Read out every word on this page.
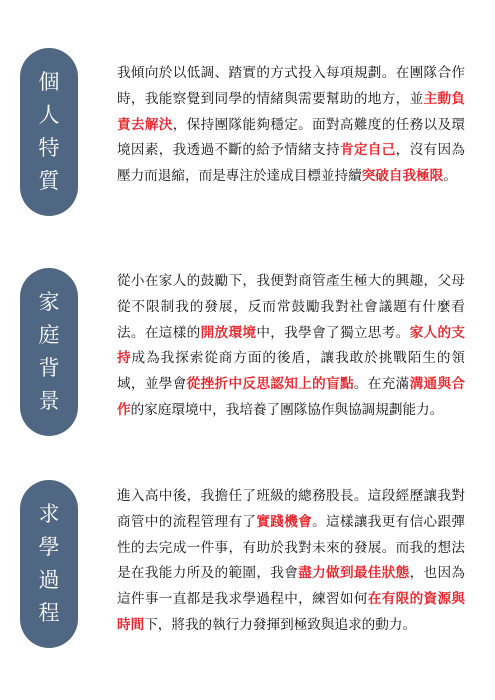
個
人
特
質

我傾向於以低調、踏實的方式投入每項規劃。在團隊合作時，我能察覺到同學的情緒與需要幫助的地方，並主動負責去解決，保持團隊能夠穩定。面對高難度的任務以及環境因素，我透過不斷的給予情緒支持肯定自己，沒有因為壓力而退縮，而是專注於達成目標並持續突破自我極限。

家
庭
背
景

從小在家人的鼓勵下，我便對商管產生極大的興趣，父母從不限制我的發展，反而常鼓勵我對社會議題有什麼看法。在這樣的開放環境中，我學會了獨立思考。家人的支持成為我探索從商方面的後盾，讓我敢於挑戰陌生的領域，並學會從挫折中反思認知上的盲點。在充滿溝通與合作的家庭環境中，我培養了團隊協作與協調規劃能力。

求
學
過
程

進入高中後，我擔任了班級的總務股長。這段經歷讓我對商管中的流程管理有了實踐機會。這樣讓我更有信心跟彈性的去完成一件事，有助於我對未來的發展。而我的想法是在我能力所及的範圍，我會盡力做到最佳狀態，也因為這件事一直都是我求學過程中，練習如何在有限的資源與時間下，將我的執行力發揮到極致與追求的動力。
